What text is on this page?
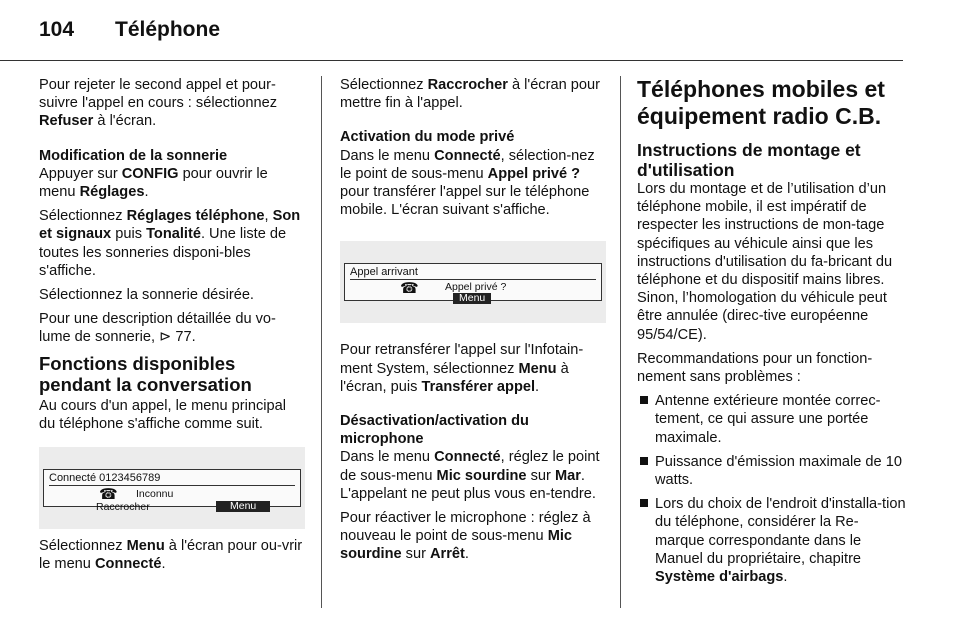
104 Téléphone

Pour rejeter le second appel et pour-suivre l'appel en cours : sélectionnez Refuser à l'écran.

Modification de la sonnerie

Appuyer sur CONFIG pour ouvrir le menu Réglages.

Sélectionnez Réglages téléphone, Son et signaux puis Tonalité. Une liste de toutes les sonneries disponi-bles s'affiche.

Sélectionnez la sonnerie désirée.

Pour une description détaillée du vo-lume de sonnerie, ⊳ 77.

Fonctions disponibles pendant la conversation

Au cours d'un appel, le menu principal du téléphone s'affiche comme suit.

Connecté 0123456789
☎ Inconnu
Raccrocher	Menu

Sélectionnez Menu à l'écran pour ou-vrir le menu Connecté.

Sélectionnez Raccrocher à l'écran pour mettre fin à l'appel.

Activation du mode privé

Dans le menu Connecté, sélection-nez le point de sous-menu Appel privé ? pour transférer l'appel sur le téléphone mobile. L'écran suivant s'affiche.

Appel arrivant
☎	Appel privé ?
Menu

Pour retransférer l'appel sur l'Infotain-ment System, sélectionnez Menu à l'écran, puis Transférer appel.

Désactivation/activation du microphone

Dans le menu Connecté, réglez le point de sous-menu Mic sourdine sur Mar. L'appelant ne peut plus vous en-tendre.

Pour réactiver le microphone : réglez à nouveau le point de sous-menu Mic sourdine sur Arrêt.

Téléphones mobiles et équipement radio C.B.
Instructions de montage et d'utilisation

Lors du montage et de l’utilisation d’un téléphone mobile, il est impératif de respecter les instructions de mon-tage spécifiques au véhicule ainsi que les instructions d'utilisation du fa-bricant du téléphone et du dispositif mains libres. Sinon, l’homologation du véhicule peut être annulée (direc-tive européenne 95/54/CE).

Recommandations pour un fonction-nement sans problèmes :

Antenne extérieure montée correc-tement, ce qui assure une portée maximale.
Puissance d'émission maximale de 10 watts.
Lors du choix de l'endroit d'installa-tion du téléphone, considérer la Re-marque correspondante dans le Manuel du propriétaire, chapitre Système d'airbags.
